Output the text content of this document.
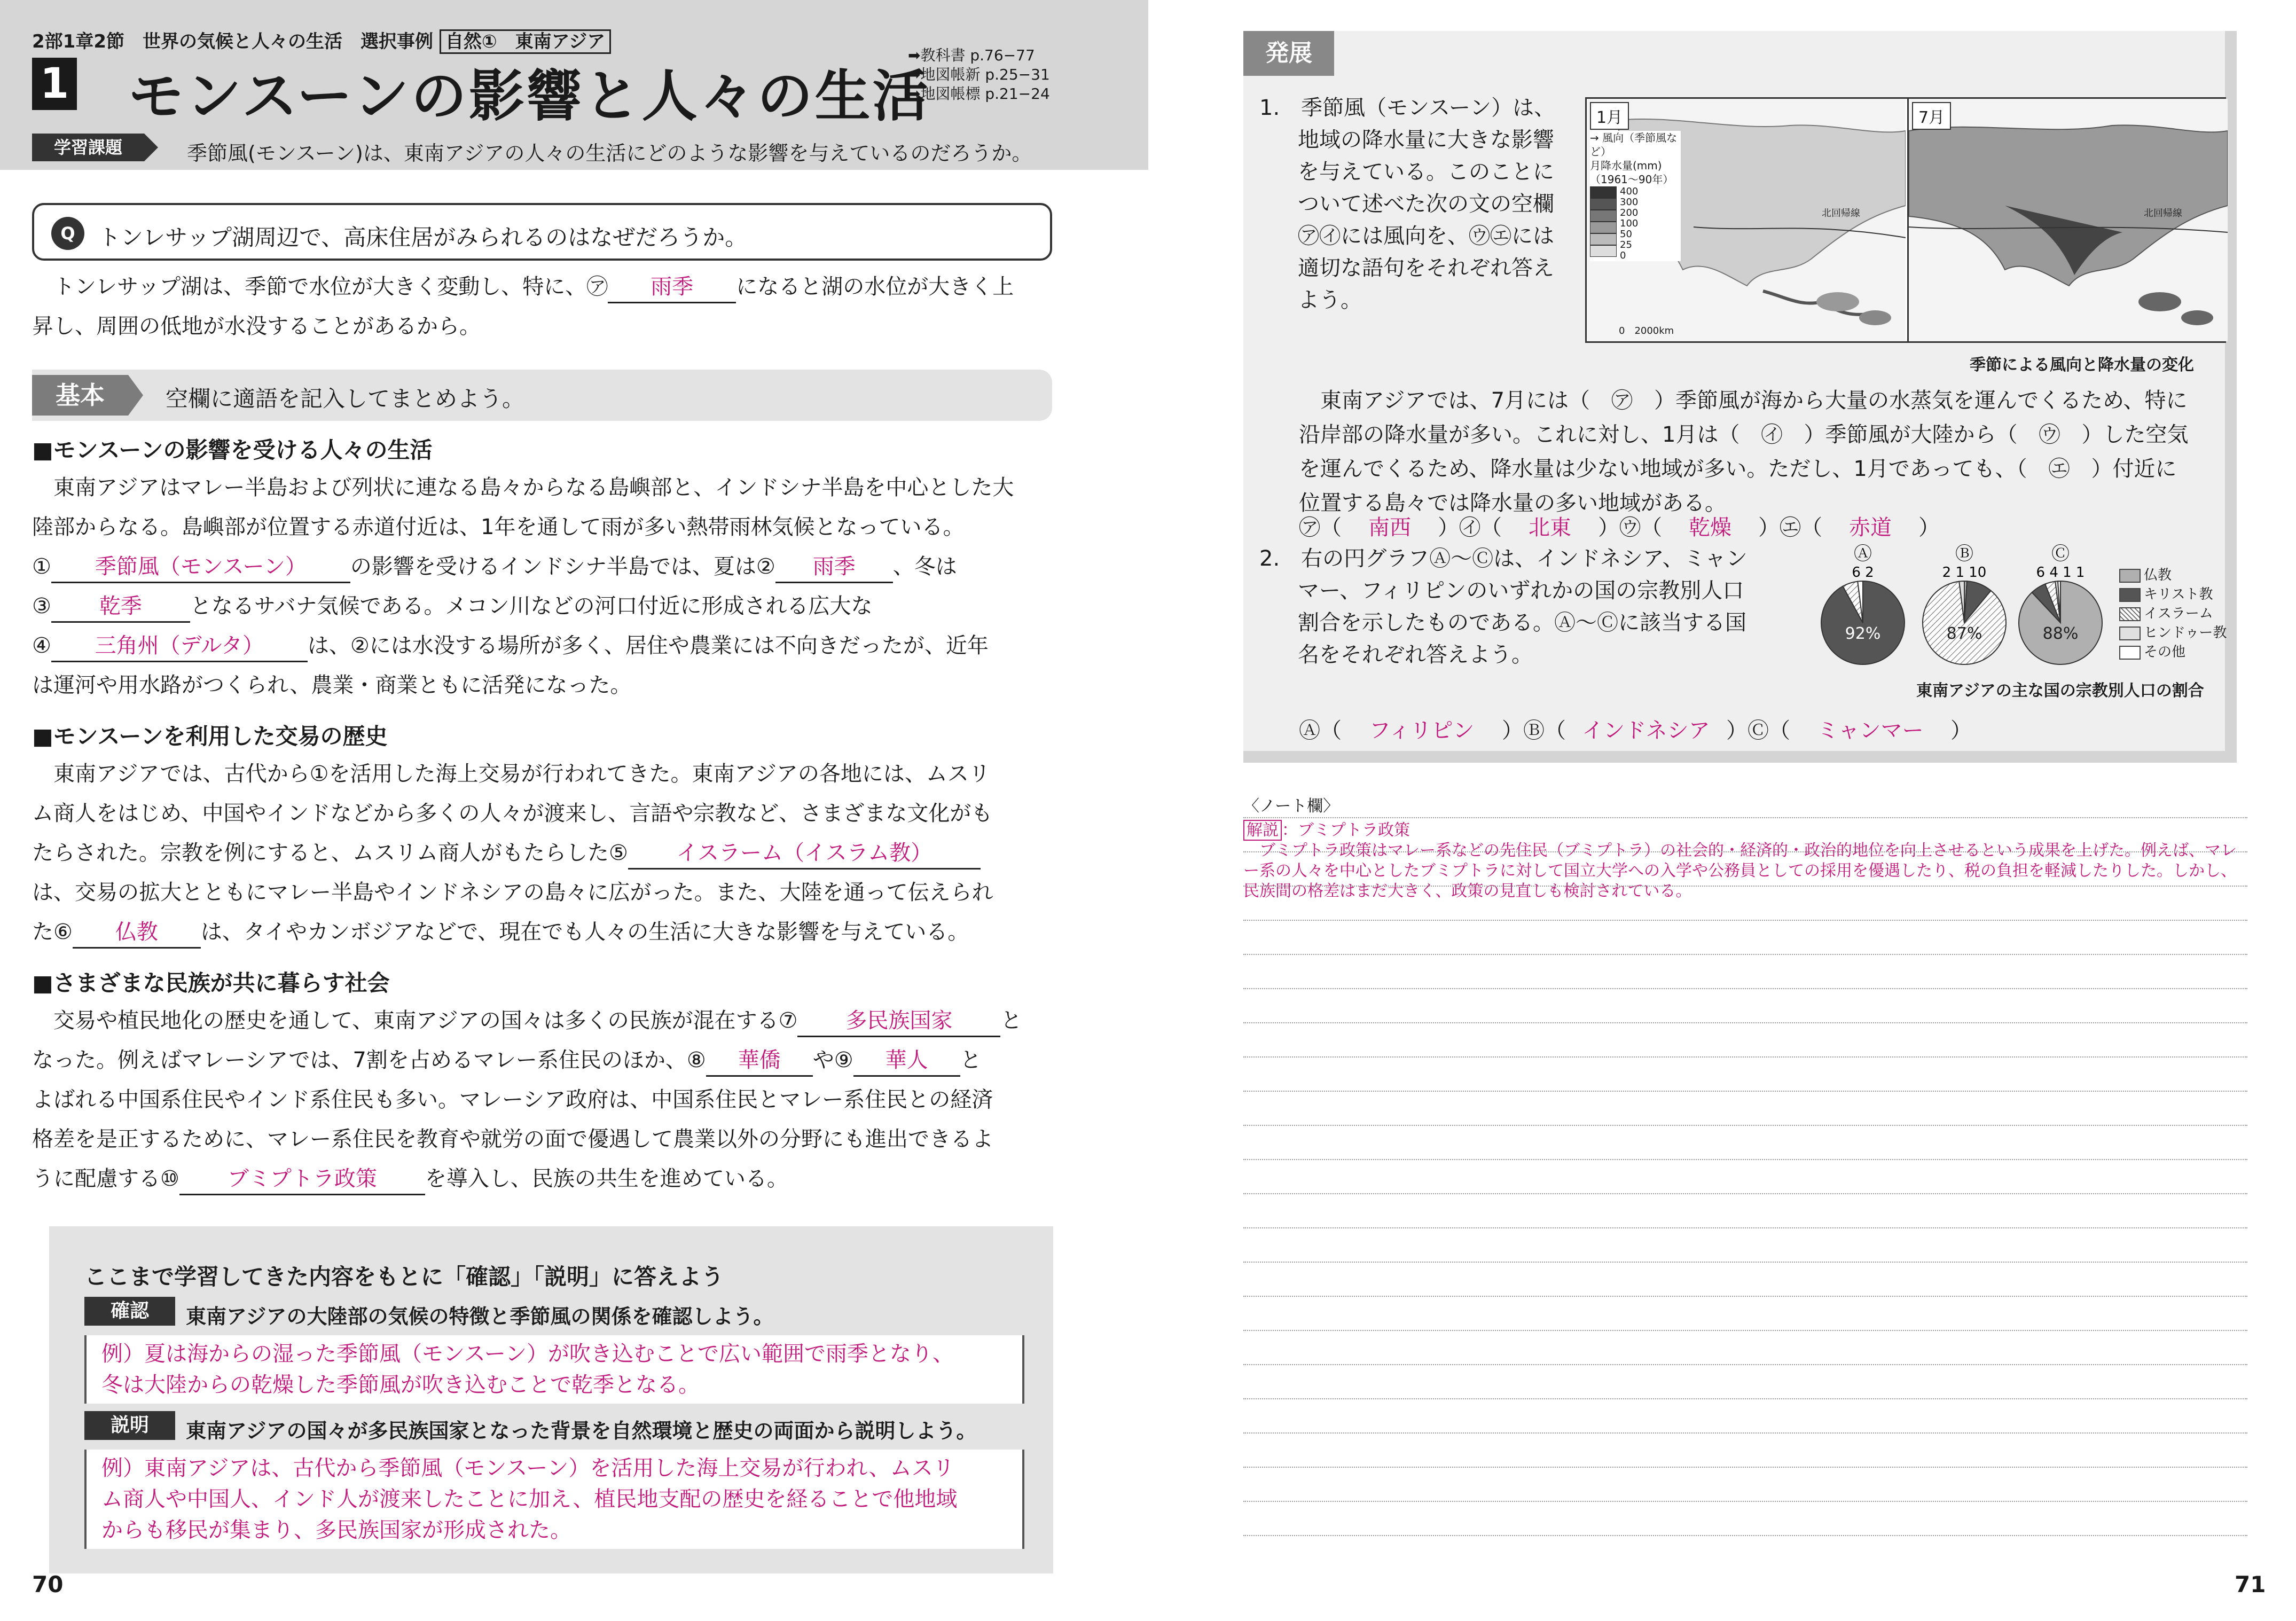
2部1章2節　世界の気候と人々の生活　選択事例 自然①　東南アジア
1 モンスーンの影響と人々の生活
➡教科書 p.76−77
➡地図帳新 p.25−31
➡地図帳標 p.21−24
学習課題	季節風(モンスーン)は、東南アジアの人々の生活にどのような影響を与えているのだろうか。
Q	トンレサップ湖周辺で、高床住居がみられるのはなぜだろうか。
トンレサップ湖は、季節で水位が大きく変動し、特に、㋐ 雨季 になると湖の水位が大きく上
昇し、周囲の低地が水没することがあるから。
基本	空欄に適語を記入してまとめよう。
■モンスーンの影響を受ける人々の生活
東南アジアはマレー半島および列状に連なる島々からなる島嶼部と、インドシナ半島を中心とした大
陸部からなる。島嶼部が位置する赤道付近は、1年を通して雨が多い熱帯雨林気候となっている。
① 季節風（モンスーン） の影響を受けるインドシナ半島では、夏は② 雨季 、冬は
③ 乾季 となるサバナ気候である。メコン川などの河口付近に形成される広大な
④ 三角州（デルタ） は、②には水没する場所が多く、居住や農業には不向きだったが、近年
は運河や用水路がつくられ、農業・商業ともに活発になった。
■モンスーンを利用した交易の歴史
東南アジアでは、古代から①を活用した海上交易が行われてきた。東南アジアの各地には、ムスリ
ム商人をはじめ、中国やインドなどから多くの人々が渡来し、言語や宗教など、さまざまな文化がも
たらされた。宗教を例にすると、ムスリム商人がもたらした⑤ イスラーム（イスラム教）
は、交易の拡大とともにマレー半島やインドネシアの島々に広がった。また、大陸を通って伝えられ
た⑥ 仏教 は、タイやカンボジアなどで、現在でも人々の生活に大きな影響を与えている。
■さまざまな民族が共に暮らす社会
交易や植民地化の歴史を通して、東南アジアの国々は多くの民族が混在する⑦ 多民族国家 と
なった。例えばマレーシアでは、7割を占めるマレー系住民のほか、⑧ 華僑 や⑨ 華人 と
よばれる中国系住民やインド系住民も多い。マレーシア政府は、中国系住民とマレー系住民との経済
格差を是正するために、マレー系住民を教育や就労の面で優遇して農業以外の分野にも進出できるよ
うに配慮する⑩ ブミプトラ政策 を導入し、民族の共生を進めている。
ここまで学習してきた内容をもとに「確認」「説明」に答えよう
確認	東南アジアの大陸部の気候の特徴と季節風の関係を確認しよう。
例）夏は海からの湿った季節風（モンスーン）が吹き込むことで広い範囲で雨季となり、
冬は大陸からの乾燥した季節風が吹き込むことで乾季となる。
説明	東南アジアの国々が多民族国家となった背景を自然環境と歴史の両面から説明しよう。
例）東南アジアは、古代から季節風（モンスーン）を活用した海上交易が行われ、ムスリ
ム商人や中国人、インド人が渡来したことに加え、植民地支配の歴史を経ることで他地域
からも移民が集まり、多民族国家が形成された。
70
発展
1.　季節風（モンスーン）は、
地域の降水量に大きな影響
を与えている。このことに
ついて述べた次の文の空欄
㋐㋑には風向を、㋒㋓には
適切な語句をそれぞれ答え
よう。
1月
→ 風向（季節風など）
月降水量(mm)（1961～90年）
400
300
200
100
50
25
0
北回帰線
0　2000km
7月
北回帰線
季節による風向と降水量の変化
東南アジアでは、7月には（　㋐　）季節風が海から大量の水蒸気を運んでくるため、特に
沿岸部の降水量が多い。これに対し、1月は（　㋑　）季節風が大陸から（　㋒　）した空気
を運んでくるため、降水量は少ない地域が多い。ただし、1月であっても、（　㋓　）付近に
位置する島々では降水量の多い地域がある。
㋐（ 南西 ）㋑（ 北東 ）㋒（ 乾燥 ）㋓（ 赤道 ）
2.　右の円グラフⒶ～Ⓒは、インドネシア、ミャン
マー、フィリピンのいずれかの国の宗教別人口
割合を示したものである。Ⓐ～Ⓒに該当する国
名をそれぞれ答えよう。
92%
Ⓐ
6 2
87%
Ⓑ
2 1 10
88%
Ⓒ
6 4 1 1	仏教
キリスト教
イスラーム
ヒンドゥー教
その他
東南アジアの主な国の宗教別人口の割合
Ⓐ（ フィリピン ）Ⓑ（ インドネシア ）Ⓒ（ ミャンマー ）
〈ノート欄〉
解説 ：ブミプトラ政策
ブミプトラ政策はマレー系などの先住民（ブミプトラ）の社会的・経済的・政治的地位を向上させるという成果を上げた。例えば、マレー系の人々を中心としたブミプトラに対して国立大学への入学や公務員としての採用を優遇したり、税の負担を軽減したりした。しかし、民族間の格差はまだ大きく、政策の見直しも検討されている。
71
